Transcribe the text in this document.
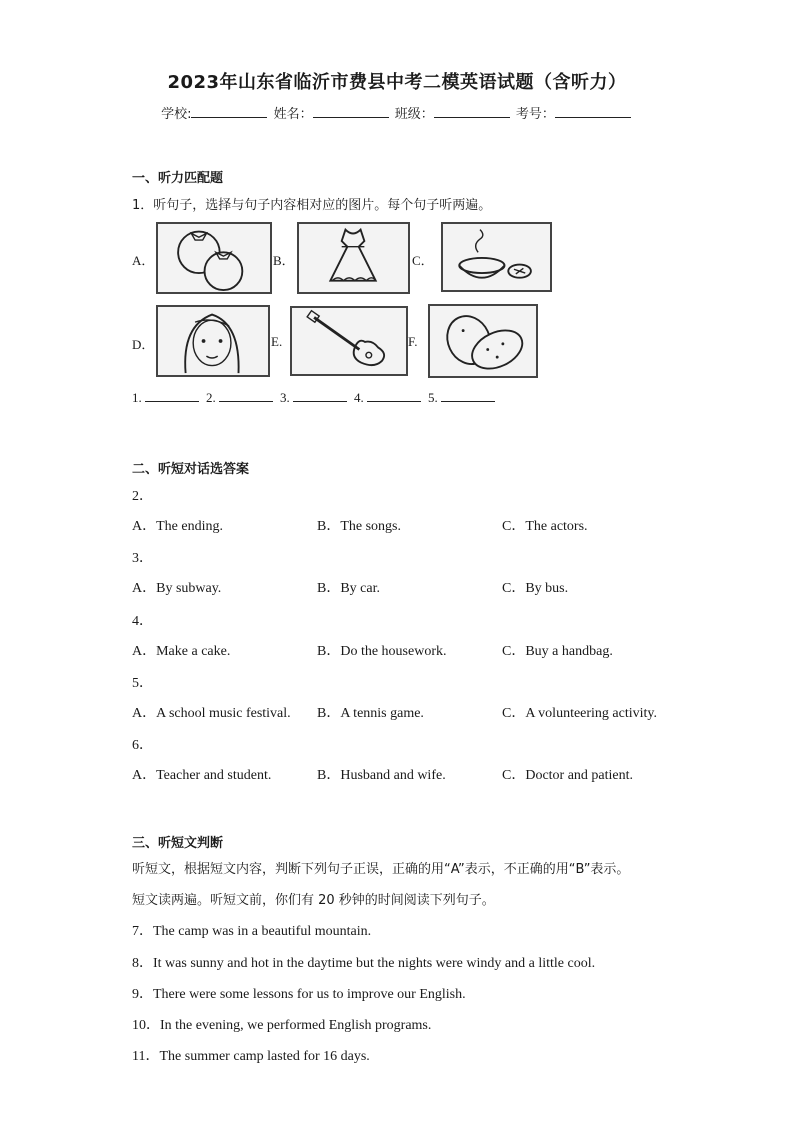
2023年山东省临沂市费县中考二模英语试题（含听力）
学校:	姓名：	班级：	考号：
一、听力匹配题
1．听句子，选择与句子内容相对应的图片。每个句子听两遍。
A．	B．	C．
D．	E.	F.
1.	2.	3.	4.	5.
二、听短对话选答案
2．
A．The ending.	B．The songs.	C．The actors.
3．
A．By subway.	B．By car.	C．By bus.
4．
A．Make a cake.	B．Do the housework.	C．Buy a handbag.
5．
A．A school music festival. B．A tennis game.	C．A volunteering activity.
6．
A．Teacher and student.	B．Husband and wife.	C．Doctor and patient.
三、听短文判断
听短文，根据短文内容，判断下列句子正误，正确的用“A”表示，不正确的用“B”表示。
短文读两遍。听短文前，你们有 20 秒钟的时间阅读下列句子。
7．The camp was in a beautiful mountain.
8．It was sunny and hot in the daytime but the nights were windy and a little cool.
9．There were some lessons for us to improve our English.
10．In the evening, we performed English programs.
11．The summer camp lasted for 16 days.
